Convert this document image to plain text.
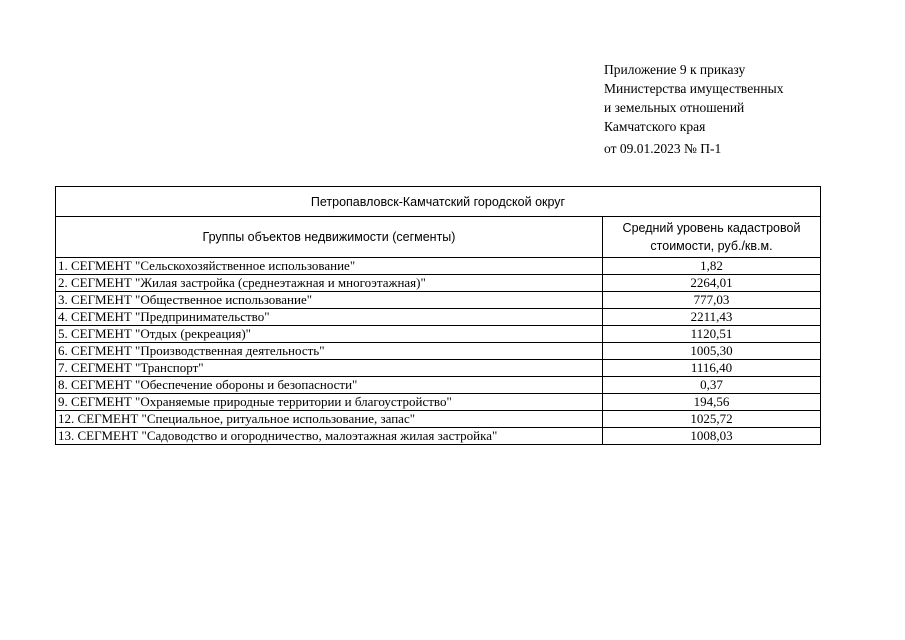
Приложение 9 к приказу
Министерства имущественных
и земельных отношений
Камчатского края
от 09.01.2023 № П-1
Петропавловск-Камчатский городской округ	
Группы объектов недвижимости (сегменты)	Средний уровень кадастровой стоимости, руб./кв.м.
1. СЕГМЕНТ "Сельскохозяйственное использование"	1,82
2. СЕГМЕНТ "Жилая застройка (среднеэтажная и многоэтажная)"	2264,01
3. СЕГМЕНТ "Общественное использование"	777,03
4. СЕГМЕНТ "Предпринимательство"	2211,43
5. СЕГМЕНТ "Отдых (рекреация)"	1120,51
6. СЕГМЕНТ "Производственная деятельность"	1005,30
7. СЕГМЕНТ "Транспорт"	1116,40
8. СЕГМЕНТ "Обеспечение обороны и безопасности"	0,37
9. СЕГМЕНТ "Охраняемые природные территории и благоустройство"	194,56
12. СЕГМЕНТ "Специальное, ритуальное использование, запас"	1025,72
13. СЕГМЕНТ "Садоводство и огородничество, малоэтажная жилая застройка"	1008,03
